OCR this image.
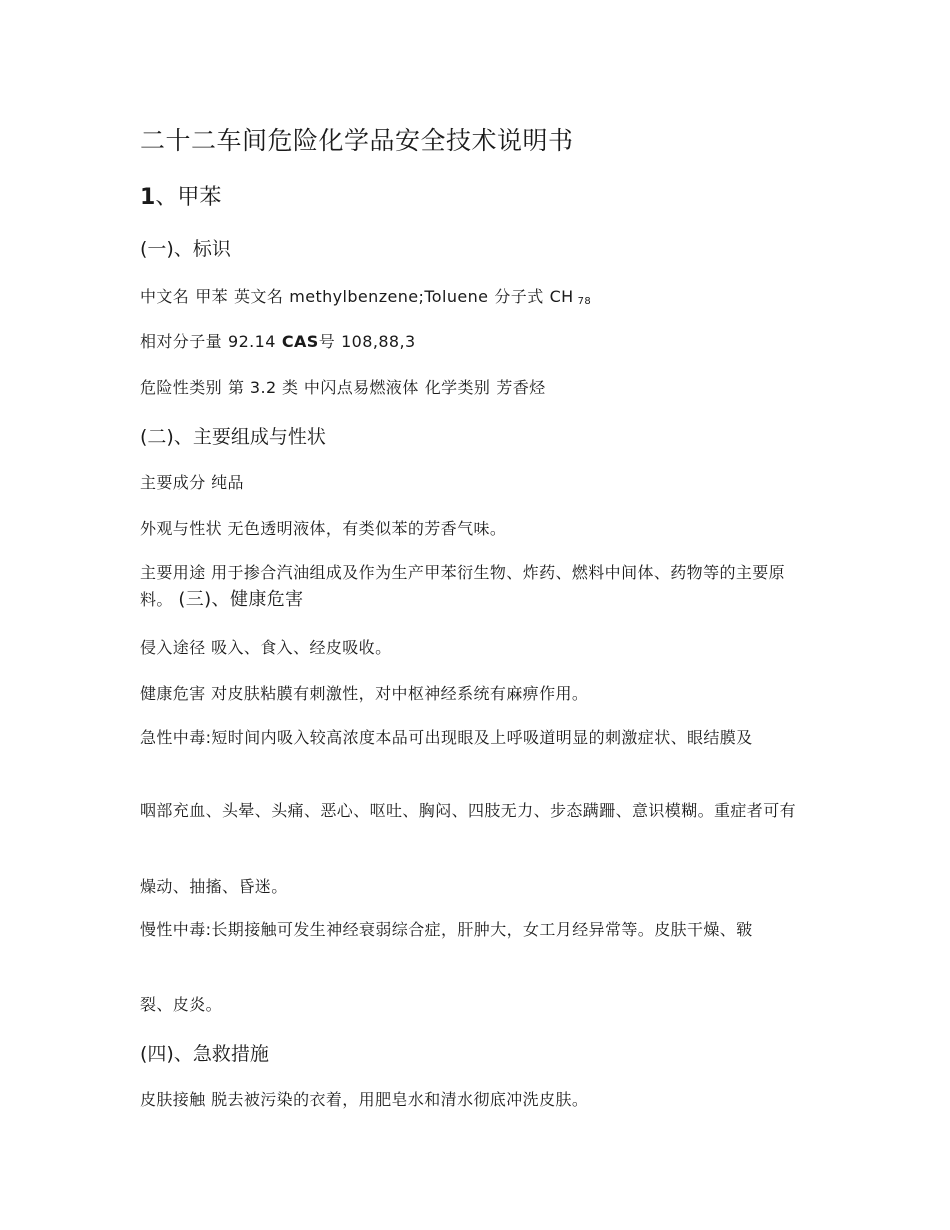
二十二车间危险化学品安全技术说明书
1、甲苯
(一)、标识

中文名 甲苯 英文名 methylbenzene;Toluene 分子式 CH 78

相对分子量 92.14 CAS号 108,88,3

危险性类别 第 3.2 类 中闪点易燃液体 化学类别 芳香烃

(二)、主要组成与性状

主要成分 纯品

外观与性状 无色透明液体，有类似苯的芳香气味。

主要用途 用于掺合汽油组成及作为生产甲苯衍生物、炸药、燃料中间体、药物等的主要原料。 (三)、健康危害

侵入途径 吸入、食入、经皮吸收。

健康危害 对皮肤粘膜有刺激性，对中枢神经系统有麻痹作用。

急性中毒:短时间内吸入较高浓度本品可出现眼及上呼吸道明显的刺激症状、眼结膜及

咽部充血、头晕、头痛、恶心、呕吐、胸闷、四肢无力、步态蹒跚、意识模糊。重症者可有

燥动、抽搐、昏迷。

慢性中毒:长期接触可发生神经衰弱综合症，肝肿大，女工月经异常等。皮肤干燥、皲

裂、皮炎。

(四)、急救措施

皮肤接触 脱去被污染的衣着，用肥皂水和清水彻底冲洗皮肤。
